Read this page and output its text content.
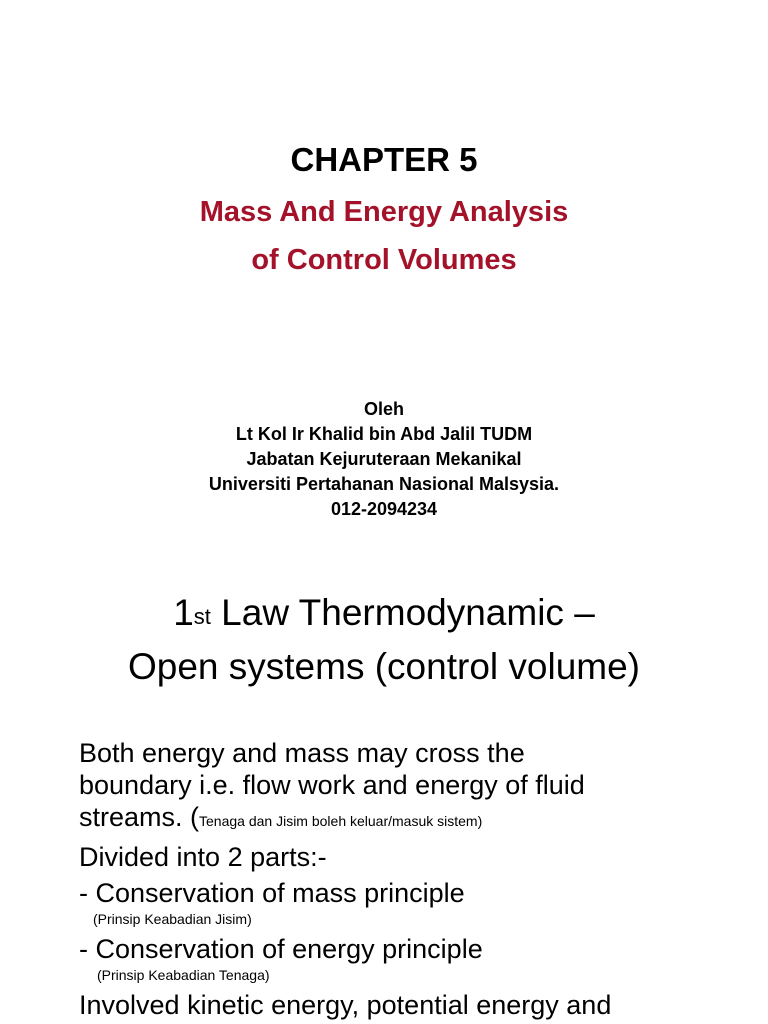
CHAPTER 5
Mass And Energy Analysis
of Control Volumes
Oleh
Lt Kol Ir Khalid bin Abd Jalil TUDM
Jabatan Kejuruteraan Mekanikal
Universiti Pertahanan Nasional Malsysia.
012-2094234
1st Law Thermodynamic –
Open systems (control volume)
Both energy and mass may cross the
boundary i.e. flow work and energy of fluid
streams. (Tenaga dan Jisim boleh keluar/masuk sistem)
Divided into 2 parts:-
- Conservation of mass principle
(Prinsip Keabadian Jisim)
- Conservation of energy principle
(Prinsip Keabadian Tenaga)
Involved kinetic energy, potential energy and
